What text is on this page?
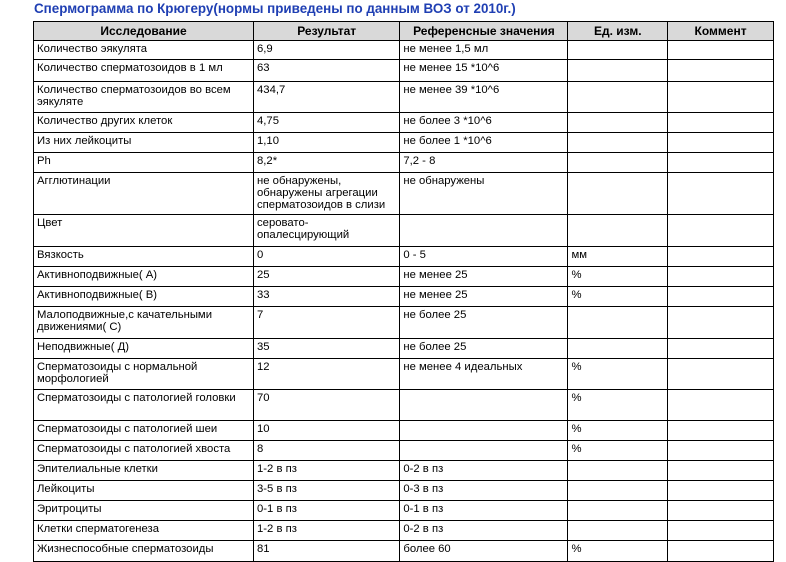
Спермограмма по Крюгеру(нормы приведены по данным ВОЗ от 2010г.)
Исследование	Результат	Референсные значения	Ед. изм.	Коммент
Количество эякулята	6,9	не менее 1,5 мл		
Количество сперматозоидов в 1 мл	63	не менее 15 *10^6		
Количество сперматозоидов во всем эякуляте	434,7	не менее 39 *10^6		
Количество других клеток	4,75	не более 3 *10^6		
Из них лейкоциты	1,10	не более 1 *10^6		
Ph	8,2*	7,2 - 8		
Агглютинации	не обнаружены, обнаружены агрегации сперматозоидов в слизи	не обнаружены		
Цвет	серовато-опалесцирующий			
Вязкость	0	0 - 5	мм	
Активноподвижные( А)	25	не менее 25	%	
Активноподвижные( В)	33	не менее 25	%	
Малоподвижные,с качательными движениями( С)	7	не более 25		
Неподвижные( Д)	35	не более 25		
Сперматозоиды с нормальной морфологией	12	не менее 4 идеальных	%	
Сперматозоиды с патологией головки	70		%	
Сперматозоиды с патологией шеи	10		%	
Сперматозоиды с патологией хвоста	8		%	
Эпителиальные клетки	1-2 в пз	0-2 в пз		
Лейкоциты	3-5 в пз	0-3 в пз		
Эритроциты	0-1 в пз	0-1 в пз		
Клетки сперматогенеза	1-2 в пз	0-2 в пз		
Жизнеспособные сперматозоиды	81	более 60	%	
